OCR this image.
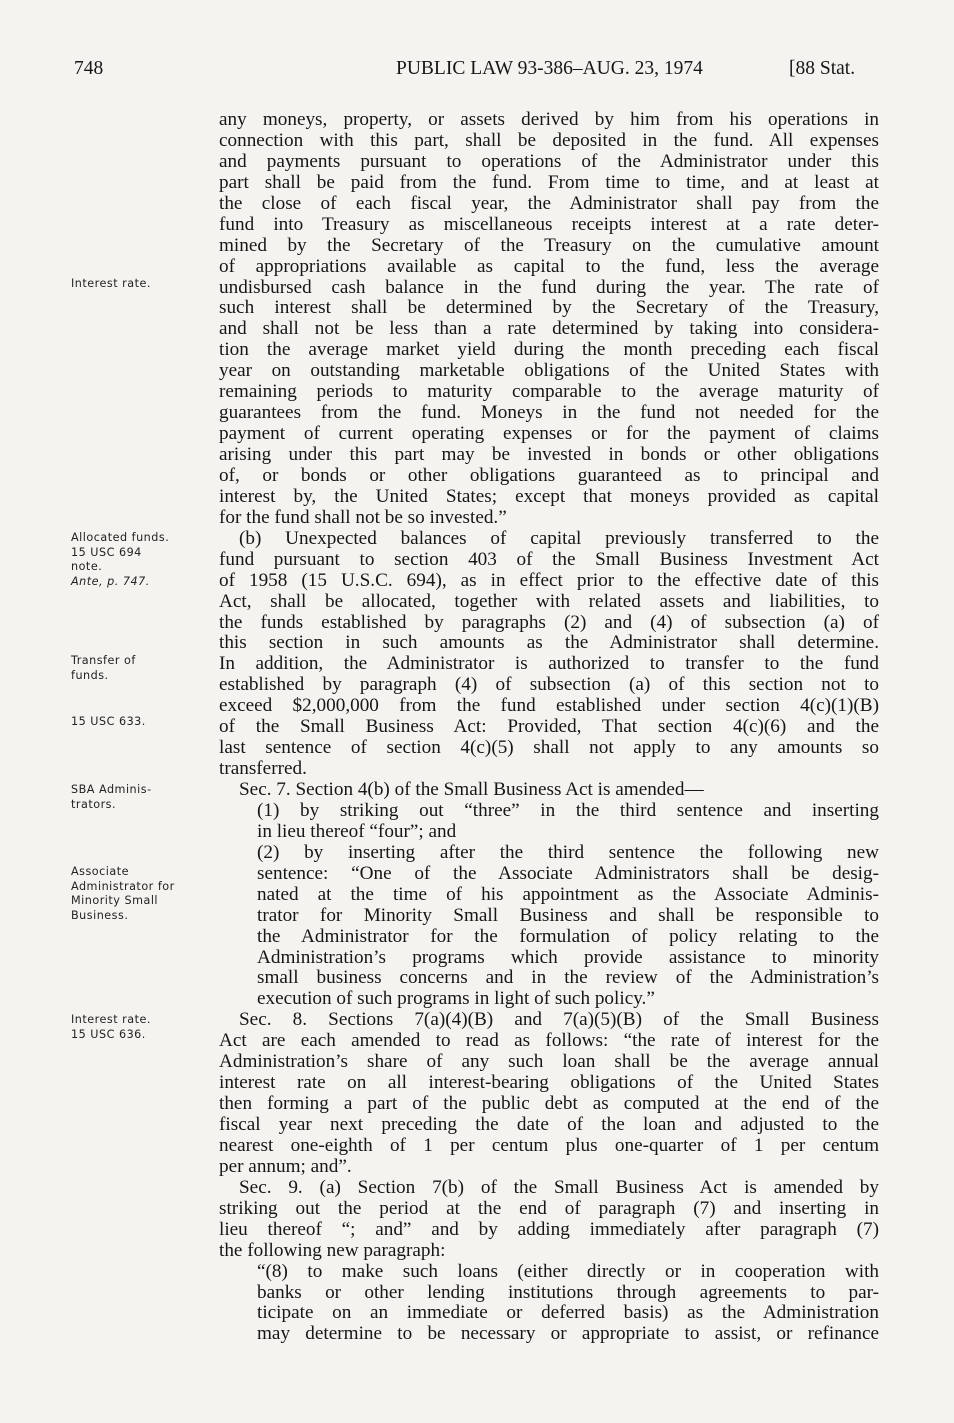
748	PUBLIC LAW 93-386–AUG. 23, 1974	[88 Stat.
Interest rate.
Allocated funds.
15 USC 694
note.
Ante, p. 747.
Transfer of
funds.
15 USC 633.
SBA Adminis-
trators.
Associate
Administrator for
Minority Small
Business.
Interest rate.
15 USC 636.
any moneys, property, or assets derived by him from his operations in
connection with this part, shall be deposited in the fund. All expenses
and payments pursuant to operations of the Administrator under this
part shall be paid from the fund. From time to time, and at least at
the close of each fiscal year, the Administrator shall pay from the
fund into Treasury as miscellaneous receipts interest at a rate deter-
mined by the Secretary of the Treasury on the cumulative amount
of appropriations available as capital to the fund, less the average
undisbursed cash balance in the fund during the year. The rate of
such interest shall be determined by the Secretary of the Treasury,
and shall not be less than a rate determined by taking into considera-
tion the average market yield during the month preceding each fiscal
year on outstanding marketable obligations of the United States with
remaining periods to maturity comparable to the average maturity of
guarantees from the fund. Moneys in the fund not needed for the
payment of current operating expenses or for the payment of claims
arising under this part may be invested in bonds or other obligations
of, or bonds or other obligations guaranteed as to principal and
interest by, the United States; except that moneys provided as capital
for the fund shall not be so invested.”
(b) Unexpected balances of capital previously transferred to the
fund pursuant to section 403 of the Small Business Investment Act
of 1958 (15 U.S.C. 694), as in effect prior to the effective date of this
Act, shall be allocated, together with related assets and liabilities, to
the funds established by paragraphs (2) and (4) of subsection (a) of
this section in such amounts as the Administrator shall determine.
In addition, the Administrator is authorized to transfer to the fund
established by paragraph (4) of subsection (a) of this section not to
exceed $2,000,000 from the fund established under section 4(c)(1)(B)
of the Small Business Act: Provided, That section 4(c)(6) and the
last sentence of section 4(c)(5) shall not apply to any amounts so
transferred.
Sec. 7. Section 4(b) of the Small Business Act is amended—
(1) by striking out “three” in the third sentence and inserting
in lieu thereof “four”; and
(2) by inserting after the third sentence the following new
sentence: “One of the Associate Administrators shall be desig-
nated at the time of his appointment as the Associate Adminis-
trator for Minority Small Business and shall be responsible to
the Administrator for the formulation of policy relating to the
Administration’s programs which provide assistance to minority
small business concerns and in the review of the Administration’s
execution of such programs in light of such policy.”
Sec. 8. Sections 7(a)(4)(B) and 7(a)(5)(B) of the Small Business
Act are each amended to read as follows: “the rate of interest for the
Administration’s share of any such loan shall be the average annual
interest rate on all interest-bearing obligations of the United States
then forming a part of the public debt as computed at the end of the
fiscal year next preceding the date of the loan and adjusted to the
nearest one-eighth of 1 per centum plus one-quarter of 1 per centum
per annum; and”.
Sec. 9. (a) Section 7(b) of the Small Business Act is amended by
striking out the period at the end of paragraph (7) and inserting in
lieu thereof “; and” and by adding immediately after paragraph (7)
the following new paragraph:
“(8) to make such loans (either directly or in cooperation with
banks or other lending institutions through agreements to par-
ticipate on an immediate or deferred basis) as the Administration
may determine to be necessary or appropriate to assist, or refinance
